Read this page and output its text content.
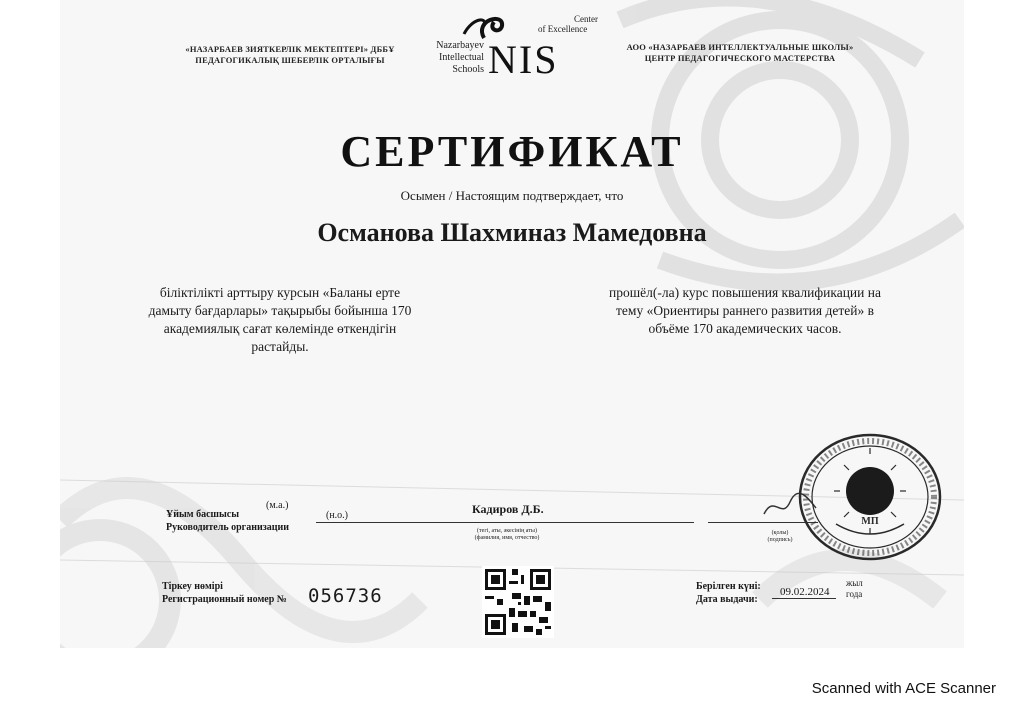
«НАЗАРБАЕВ ЗИЯТКЕРЛІК МЕКТЕПТЕРІ» ДББҰ
ПЕДАГОГИКАЛЫҚ ШЕБЕРЛІК ОРТАЛЫҒЫ
Nazarbayev
Intellectual
Schools NIS
Center
of Excellence
АОО «НАЗАРБАЕВ ИНТЕЛЛЕКТУАЛЬНЫЕ ШКОЛЫ»
ЦЕНТР ПЕДАГОГИЧЕСКОГО МАСТЕРСТВА
СЕРТИФИКАТ
Осымен / Настоящим подтверждает, что
Османова Шахминаз Мамедовна
біліктілікті арттыру курсын «Баланы ерте
дамыту бағдарлары» тақырыбы бойынша 170
академиялық сағат көлемінде өткендігін
растайды.
прошёл(-ла) курс повышения квалификации на
тему «Ориентиры раннего развития детей» в
объёме 170 академических часов.
Ұйым басшысы
Руководитель организации
(м.а.)
(н.о.)	Кадиров Д.Б.
(тегі, аты, әкесінің аты)
(фамилия, имя, отчество)
(қолы)
(подпись)
МП
Тіркеу нөмірі
Регистрационный номер № 056736	Берілген күні:
Дата выдачи:
09.02.2024
жыл
года
Scanned with ACE Scanner
